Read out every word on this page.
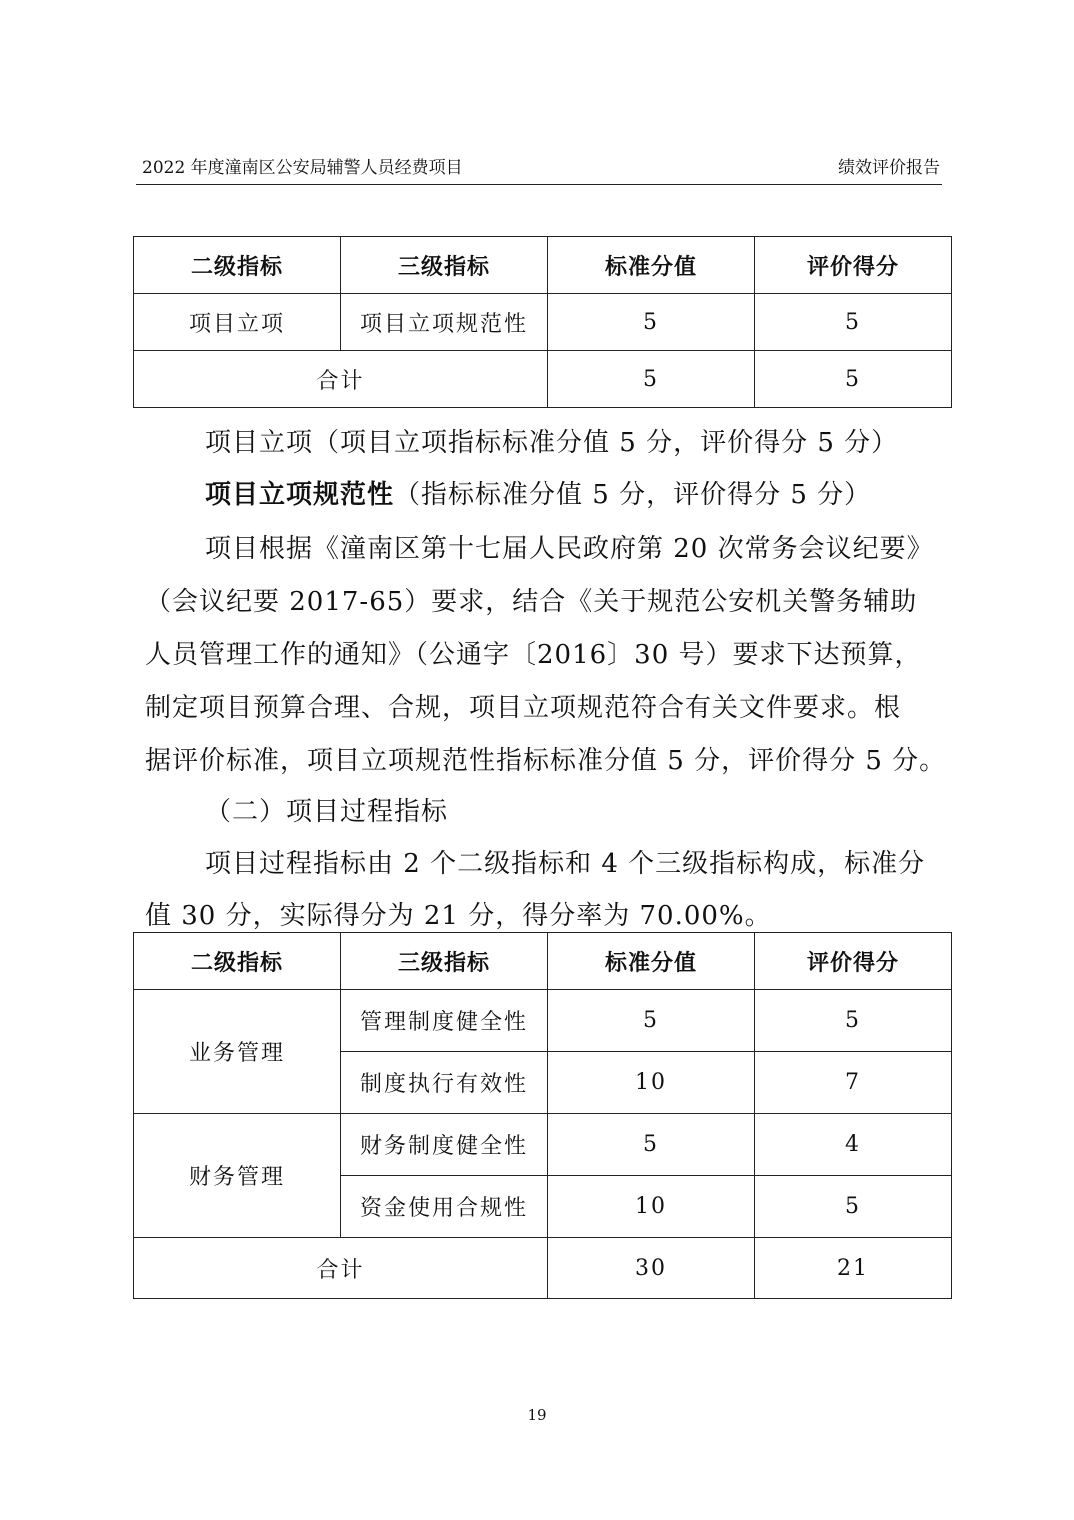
2022 年度潼南区公安局辅警人员经费项目	绩效评价报告
二级指标	三级指标	标准分值	评价得分
项目立项	项目立项规范性	5	5
合计		5	5
项目立项（项目立项指标标准分值 5 分，评价得分 5 分）
项目立项规范性（指标标准分值 5 分，评价得分 5 分）
项目根据《潼南区第十七届人民政府第 20 次常务会议纪要》
（会议纪要 2017-65）要求，结合《关于规范公安机关警务辅助
人员管理工作的通知》（公通字〔2016〕30 号）要求下达预算，
制定项目预算合理、合规，项目立项规范符合有关文件要求。根
据评价标准，项目立项规范性指标标准分值 5 分，评价得分 5 分。
（二）项目过程指标
项目过程指标由 2 个二级指标和 4 个三级指标构成，标准分
值 30 分，实际得分为 21 分，得分率为 70.00%。
二级指标	三级指标	标准分值	评价得分
业务管理	管理制度健全性	5	5
	制度执行有效性	10	7
财务管理	财务制度健全性	5	4
	资金使用合规性	10	5
合计		30	21
19
